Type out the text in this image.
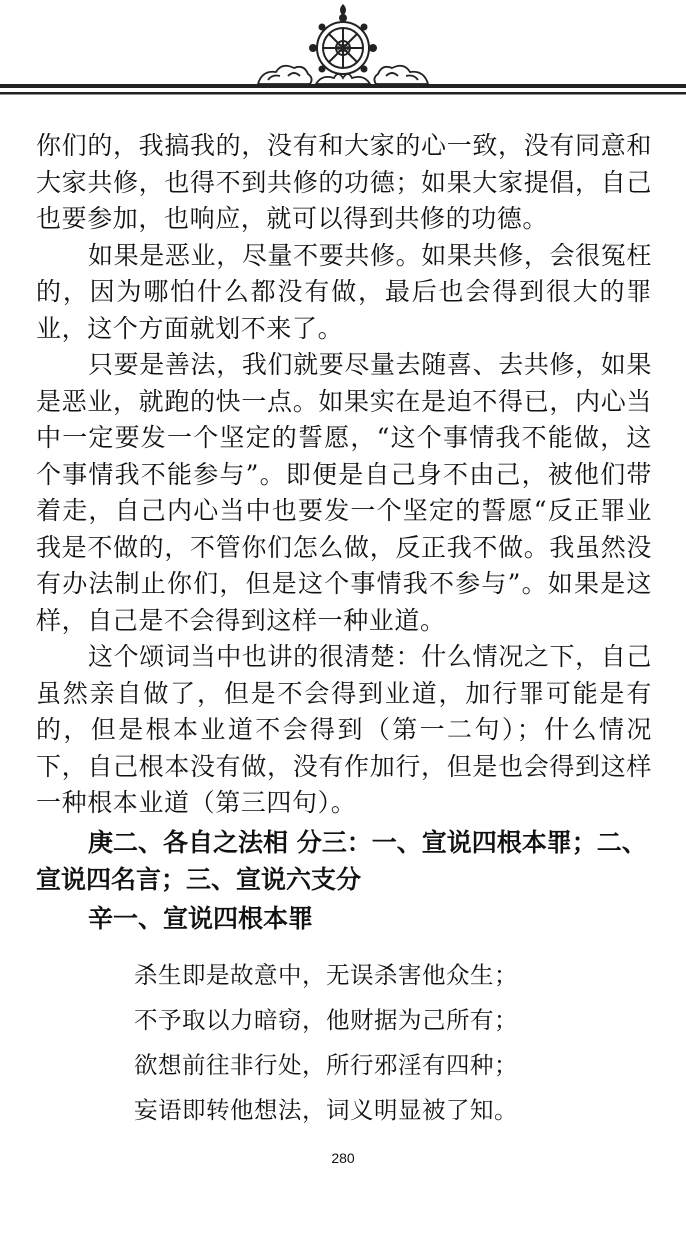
你们的，我搞我的，没有和大家的心一致，没有同意和大家共修，也得不到共修的功德；如果大家提倡，自己也要参加，也响应，就可以得到共修的功德。

如果是恶业，尽量不要共修。如果共修，会很冤枉的，因为哪怕什么都没有做，最后也会得到很大的罪业，这个方面就划不来了。

只要是善法，我们就要尽量去随喜、去共修，如果是恶业，就跑的快一点。如果实在是迫不得已，内心当中一定要发一个坚定的誓愿，“这个事情我不能做，这个事情我不能参与”。即便是自己身不由己，被他们带着走，自己内心当中也要发一个坚定的誓愿“反正罪业我是不做的，不管你们怎么做，反正我不做。我虽然没有办法制止你们，但是这个事情我不参与”。如果是这样，自己是不会得到这样一种业道。

这个颂词当中也讲的很清楚：什么情况之下，自己虽然亲自做了，但是不会得到业道，加行罪可能是有的，但是根本业道不会得到（第一二句）；什么情况下，自己根本没有做，没有作加行，但是也会得到这样一种根本业道（第三四句）。

庚二、各自之法相 分三：一、宣说四根本罪；二、宣说四名言；三、宣说六支分

辛一、宣说四根本罪

杀生即是故意中，无误杀害他众生；
不予取以力暗窃，他财据为己所有；
欲想前往非行处，所行邪淫有四种；
妄语即转他想法，词义明显被了知。
280
